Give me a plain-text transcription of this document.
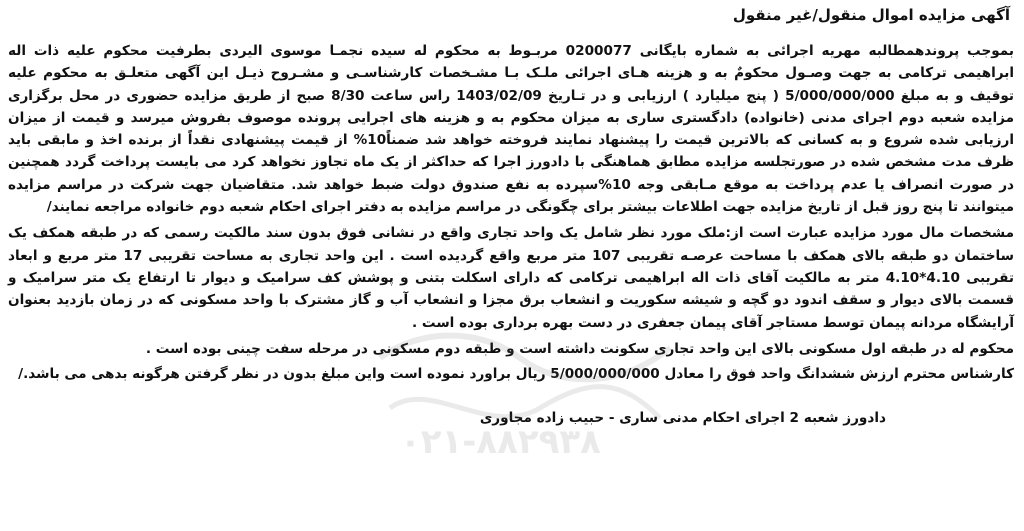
آگهی مزایده اموال منقول/غیر منقول

بموجب پروندهمطالبه مهریه اجرائی به شماره بایگانی 0200077 مربـوط به محکوم له سیده نجمـا موسوی الیردی بطرفیت محکوم علیه ذات اله ابراهیمی ترکامی به جهت وصـول محکومٌ به و هزینه هـای اجرائی ملـک بـا مشـخصات کارشناسـی و مشـروح ذیـل این آگهی متعلـق به محکوم علیه توقیف و به مبلغ 5/000/000/000 ( پنج میلیارد ) ارزیابی و در تـاریخ 1403/02/09 راس ساعت 8/30 صبح از طریق مزایده حضوری در محل برگزاری مزایده شعبه دوم اجرای مدنی (خانواده) دادگستری ساری به میزان محکوم به و هزینه های اجرایی پرونده موصوف بفروش میرسد و قیمت از میزان ارزیابی شده شروع و به کسانی که بالاترین قیمت را پیشنهاد نمایند فروخته خواهد شد ضمناً10% از قیمت پیشنهادی نقداً از برنده اخذ و مابقی باید ظرف مدت مشخص شده در صورتجلسه مزایده مطابق هماهنگی با دادورز اجرا که حداکثر از یک ماه تجاوز نخواهد کرد می بایست پرداخت گردد همچنین در صورت انصراف یا عدم پرداخت به موقع مـابقی وجه 10%سپرده به نفع صندوق دولت ضبط خواهد شد. متقاضیان جهت شرکت در مراسم مزایده میتوانند تا پنج روز قبل از تاریخ مزایده جهت اطلاعات بیشتر برای چگونگی در مراسم مزایده به دفتر اجرای احکام شعبه دوم خانواده مراجعه نمایند/

مشخصات مال مورد مزایده عبارت است از:ملک مورد نظر شامل یک واحد تجاری واقع در نشانی فوق بدون سند مالکیت رسمی که در طبقه همکف یک ساختمان دو طبقه بالای همکف با مساحت عرصـه تقریبی 107 متر مربع واقع گردیده است . این واحد تجاری به مساحت تقریبی 17 متر مربع و ابعاد تقریبی 4.10*4.10 متر به مالکیت آقای ذات اله ابراهیمی ترکامی که دارای اسکلت بتنی و پوشش کف سرامیک و دیوار تا ارتفاع یک متر سرامیک و قسمت بالای دیوار و سقف اندود دو گچه و شیشه سکوریت و انشعاب برق مجزا و انشعاب آب و گاز مشترک با واحد مسکونی که در زمان بازدید بعنوان آرایشگاه مردانه پیمان توسط مستاجر آقای پیمان جعفری در دست بهره برداری بوده است .

محکوم له در طبقه اول مسکونی بالای این واحد تجاری سکونت داشته است و طبقه دوم مسکونی در مرحله سفت چینی بوده است .

کارشناس محترم ارزش ششدانگ واحد فوق را معادل 5/000/000/000 ریال براورد نموده است واین مبلغ بدون در نظر گرفتن هرگونه بدهی می باشد./

دادورز شعبه 2 اجرای احکام مدنی ساری - حبیب زاده مجاوری
۰۲۱-۸۸۲۹۳۸
